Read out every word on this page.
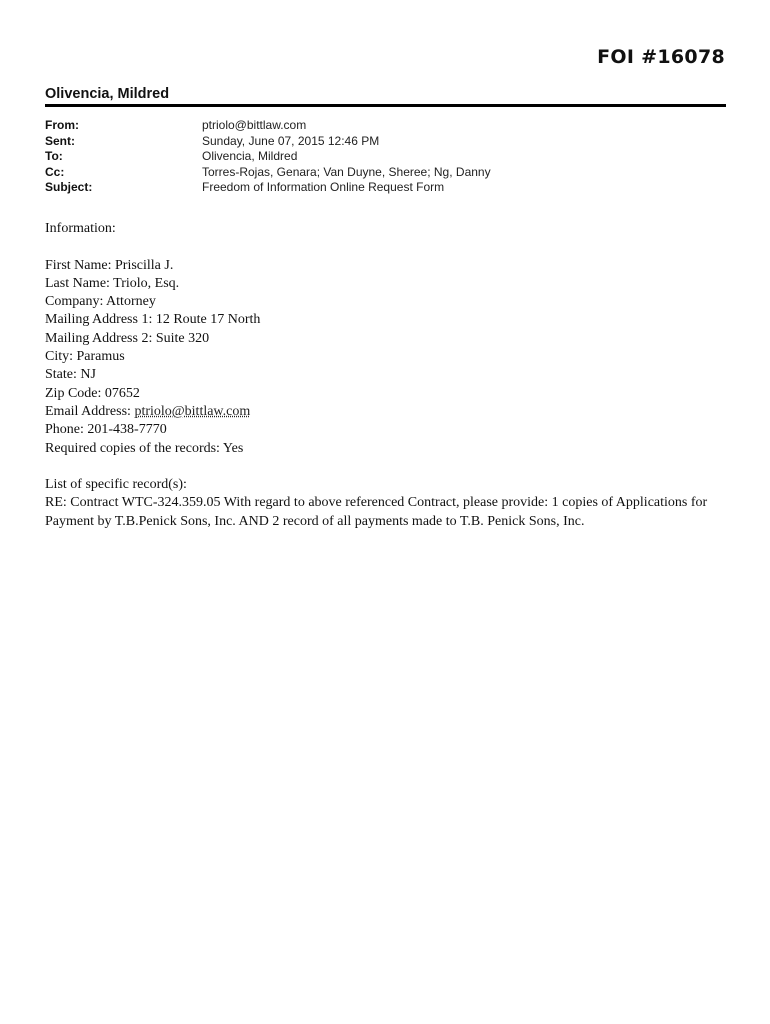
FOI #16078
Olivencia, Mildred
From:	ptriolo@bittlaw.com
Sent:	Sunday, June 07, 2015 12:46 PM
To:	Olivencia, Mildred
Cc:	Torres-Rojas, Genara; Van Duyne, Sheree; Ng, Danny
Subject:	Freedom of Information Online Request Form

Information:

First Name: Priscilla J.

Last Name: Triolo, Esq.

Company: Attorney

Mailing Address 1: 12 Route 17 North

Mailing Address 2: Suite 320

City: Paramus

State: NJ

Zip Code: 07652

Email Address: ptriolo@bittlaw.com

Phone: 201-438-7770

Required copies of the records: Yes

List of specific record(s):

RE: Contract WTC-324.359.05 With regard to above referenced Contract, please provide: 1 copies of Applications for Payment by T.B.Penick Sons, Inc. AND 2 record of all payments made to T.B. Penick Sons, Inc.
